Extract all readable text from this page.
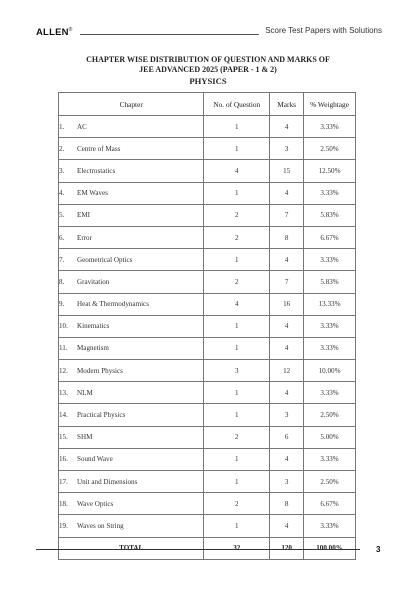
ALLEN®	Score Test Papers with Solutions
CHAPTER WISE DISTRIBUTION OF QUESTION AND MARKS OF
JEE ADVANCED 2025 (PAPER - 1 & 2)
PHYSICS
Chapter	No. of Question	Marks	% Weightage
1. AC	1	4	3.33%
2. Centre of Mass	1	3	2.50%
3. Electrostatics	4	15	12.50%
4. EM Waves	1	4	3.33%
5. EMI	2	7	5.83%
6. Error	2	8	6.67%
7. Geometrical Optics	1	4	3.33%
8. Gravitation	2	7	5.83%
9. Heat & Thermodynamics	4	16	13.33%
10. Kinematics	1	4	3.33%
11. Magnetism	1	4	3.33%
12. Modern Physics	3	12	10.00%
13. NLM	1	4	3.33%
14. Practical Physics	1	3	2.50%
15. SHM	2	6	5.00%
16. Sound Wave	1	4	3.33%
17. Unit and Dimensions	1	3	2.50%
18. Wave Optics	2	8	6.67%
19. Waves on String	1	4	3.33%
TOTAL	32	120	100.00%	3
